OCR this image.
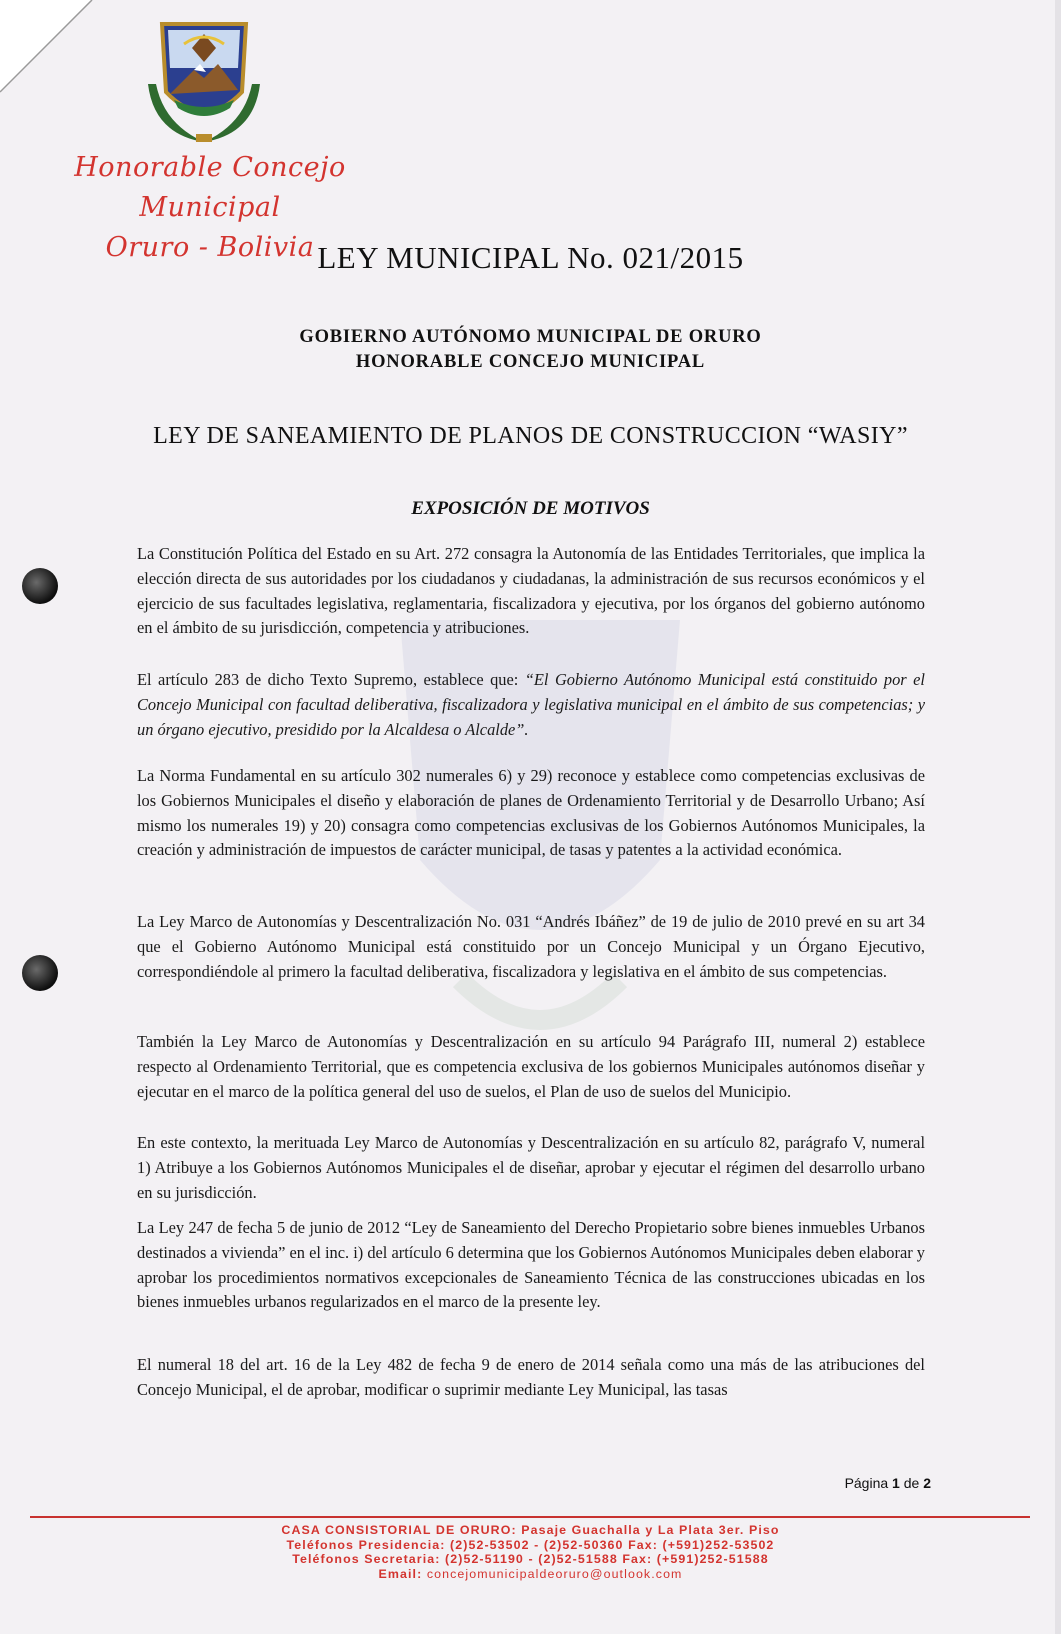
Honorable Concejo Municipal
Oruro - Bolivia LEY MUNICIPAL No. 021/2015
GOBIERNO AUTÓNOMO MUNICIPAL DE ORURO
HONORABLE CONCEJO MUNICIPAL
LEY DE SANEAMIENTO DE PLANOS DE CONSTRUCCION “WASIY”
EXPOSICIÓN DE MOTIVOS

La Constitución Política del Estado en su Art. 272 consagra la Autonomía de las Entidades Territoriales, que implica la elección directa de sus autoridades por los ciudadanos y ciudadanas, la administración de sus recursos económicos y el ejercicio de sus facultades legislativa, reglamentaria, fiscalizadora y ejecutiva, por los órganos del gobierno autónomo en el ámbito de su jurisdicción, competencia y atribuciones.

El artículo 283 de dicho Texto Supremo, establece que: “El Gobierno Autónomo Municipal está constituido por el Concejo Municipal con facultad deliberativa, fiscalizadora y legislativa municipal en el ámbito de sus competencias; y un órgano ejecutivo, presidido por la Alcaldesa o Alcalde”.

La Norma Fundamental en su artículo 302 numerales 6) y 29) reconoce y establece como competencias exclusivas de los Gobiernos Municipales el diseño y elaboración de planes de Ordenamiento Territorial y de Desarrollo Urbano; Así mismo los numerales 19) y 20) consagra como competencias exclusivas de los Gobiernos Autónomos Municipales, la creación y administración de impuestos de carácter municipal, de tasas y patentes a la actividad económica.

La Ley Marco de Autonomías y Descentralización No. 031 “Andrés Ibáñez” de 19 de julio de 2010 prevé en su art 34 que el Gobierno Autónomo Municipal está constituido por un Concejo Municipal y un Órgano Ejecutivo, correspondiéndole al primero la facultad deliberativa, fiscalizadora y legislativa en el ámbito de sus competencias.

También la Ley Marco de Autonomías y Descentralización en su artículo 94 Parágrafo III, numeral 2) establece respecto al Ordenamiento Territorial, que es competencia exclusiva de los gobiernos Municipales autónomos diseñar y ejecutar en el marco de la política general del uso de suelos, el Plan de uso de suelos del Municipio.

En este contexto, la merituada Ley Marco de Autonomías y Descentralización en su artículo 82, parágrafo V, numeral 1) Atribuye a los Gobiernos Autónomos Municipales el de diseñar, aprobar y ejecutar el régimen del desarrollo urbano en su jurisdicción.

La Ley 247 de fecha 5 de junio de 2012 “Ley de Saneamiento del Derecho Propietario sobre bienes inmuebles Urbanos destinados a vivienda” en el inc. i) del artículo 6 determina que los Gobiernos Autónomos Municipales deben elaborar y aprobar los procedimientos normativos excepcionales de Saneamiento Técnica de las construcciones ubicadas en los bienes inmuebles urbanos regularizados en el marco de la presente ley.

El numeral 18 del art. 16 de la Ley 482 de fecha 9 de enero de 2014 señala como una más de las atribuciones del Concejo Municipal, el de aprobar, modificar o suprimir mediante Ley Municipal, las tasas

Página 1 de 2
CASA CONSISTORIAL DE ORURO: Pasaje Guachalla y La Plata 3er. Piso
Teléfonos Presidencia: (2)52-53502 - (2)52-50360 Fax: (+591)252-53502
Teléfonos Secretaria: (2)52-51190 - (2)52-51588 Fax: (+591)252-51588
Email: concejomunicipaldeoruro@outlook.com
